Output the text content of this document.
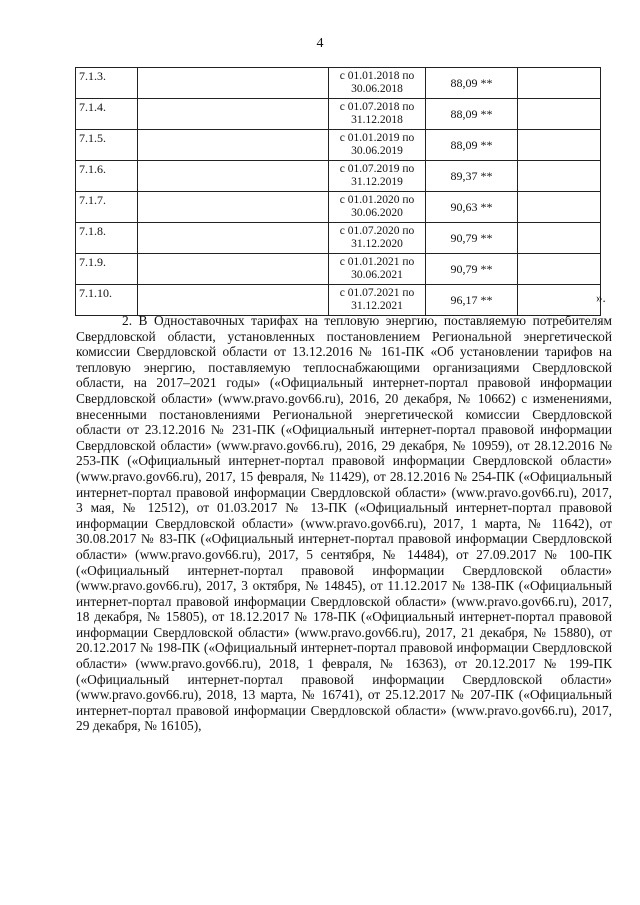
4
7.1.3.		с 01.01.2018 по
30.06.2018	88,09 **	
7.1.4.		с 01.07.2018 по
31.12.2018	88,09 **	
7.1.5.		с 01.01.2019 по
30.06.2019	88,09 **	
7.1.6.		с 01.07.2019 по
31.12.2019	89,37 **	
7.1.7.		с 01.01.2020 по
30.06.2020	90,63 **	
7.1.8.		с 01.07.2020 по
31.12.2020	90,79 **	
7.1.9.		с 01.01.2021 по
30.06.2021	90,79 **	
7.1.10.		с 01.07.2021 по
31.12.2021	96,17 **		».

2. В Одноставочных тарифах на тепловую энергию, поставляемую потребителям Свердловской области, установленных постановлением Региональной энергетической комиссии Свердловской области от 13.12.2016 № 161-ПК «Об установлении тарифов на тепловую энергию, поставляемую теплоснабжающими организациями Свердловской области, на 2017–2021 годы» («Официальный интернет-портал правовой информации Свердловской области» (www.pravo.gov66.ru), 2016, 20 декабря, № 10662) с изменениями, внесенными постановлениями Региональной энергетической комиссии Свердловской области от 23.12.2016 № 231-ПК («Официальный интернет-портал правовой информации Свердловской области» (www.pravo.gov66.ru), 2016, 29 декабря, № 10959), от 28.12.2016 № 253-ПК («Официальный интернет-портал правовой информации Свердловской области» (www.pravo.gov66.ru), 2017, 15 февраля, № 11429), от 28.12.2016 № 254-ПК («Официальный интернет-портал правовой информации Свердловской области» (www.pravo.gov66.ru), 2017, 3 мая, № 12512), от 01.03.2017 № 13-ПК («Официальный интернет-портал правовой информации Свердловской области» (www.pravo.gov66.ru), 2017, 1 марта, № 11642), от 30.08.2017 № 83-ПК («Официальный интернет-портал правовой информации Свердловской области» (www.pravo.gov66.ru), 2017, 5 сентября, № 14484), от 27.09.2017 № 100-ПК («Официальный интернет-портал правовой информации Свердловской области» (www.pravo.gov66.ru), 2017, 3 октября, № 14845), от 11.12.2017 № 138-ПК («Официальный интернет-портал правовой информации Свердловской области» (www.pravo.gov66.ru), 2017, 18 декабря, № 15805), от 18.12.2017 № 178-ПК («Официальный интернет-портал правовой информации Свердловской области» (www.pravo.gov66.ru), 2017, 21 декабря, № 15880), от 20.12.2017 № 198-ПК («Официальный интернет-портал правовой информации Свердловской области» (www.pravo.gov66.ru), 2018, 1 февраля, № 16363), от 20.12.2017 № 199-ПК («Официальный интернет-портал правовой информации Свердловской области» (www.pravo.gov66.ru), 2018, 13 марта, № 16741), от 25.12.2017 № 207-ПК («Официальный интернет-портал правовой информации Свердловской области» (www.pravo.gov66.ru), 2017, 29 декабря, № 16105),
